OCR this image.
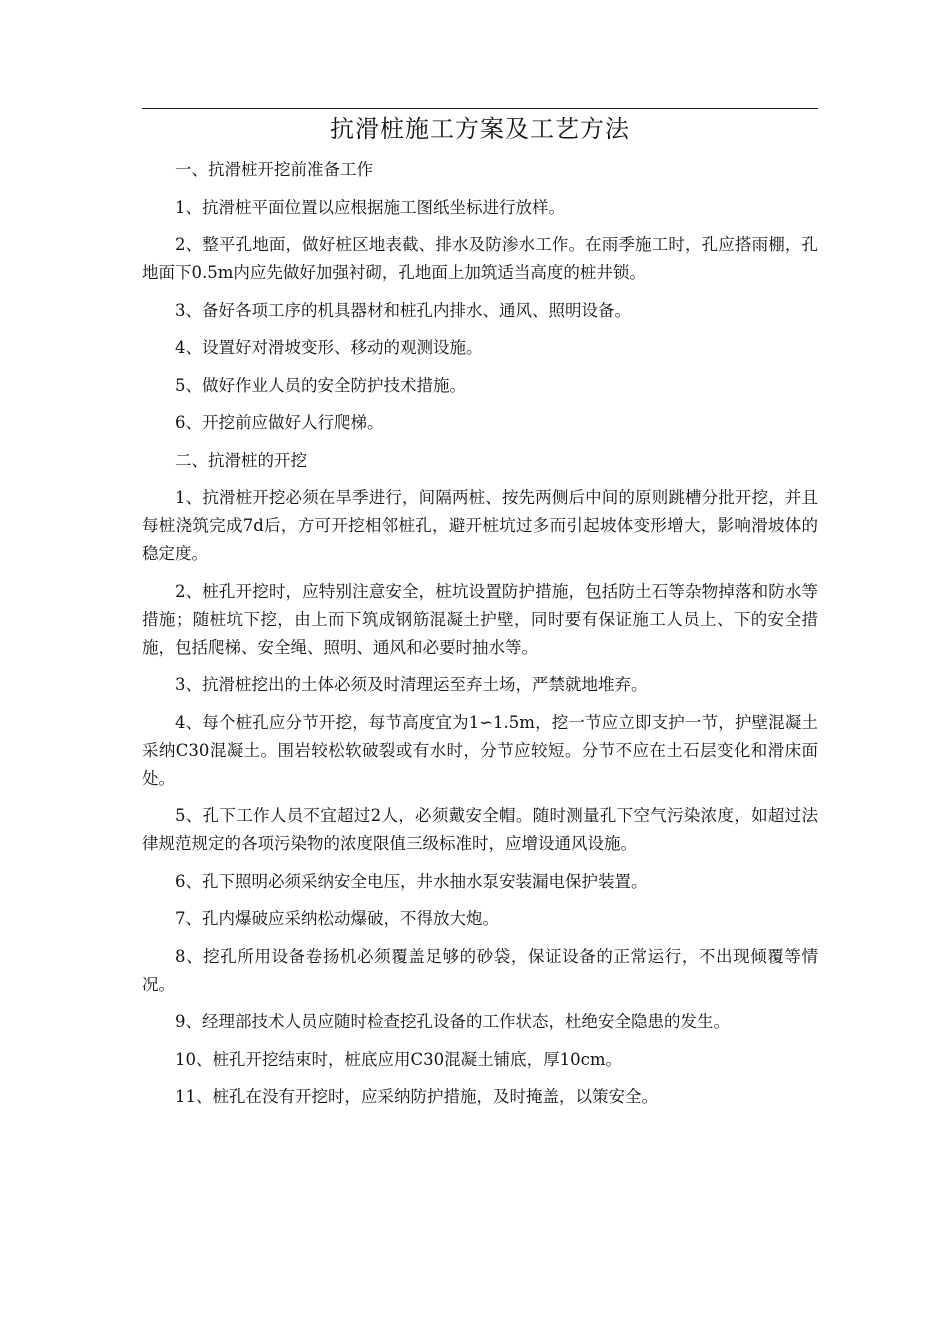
抗滑桩施工方案及工艺方法

一、抗滑桩开挖前准备工作

1、抗滑桩平面位置以应根据施工图纸坐标进行放样。

2、整平孔地面，做好桩区地表截、排水及防渗水工作。在雨季施工时，孔应搭雨棚，孔地面下0.5m内应先做好加强衬砌，孔地面上加筑适当高度的桩井锁。

3、备好各项工序的机具器材和桩孔内排水、通风、照明设备。

4、设置好对滑坡变形、移动的观测设施。

5、做好作业人员的安全防护技术措施。

6、开挖前应做好人行爬梯。

二、抗滑桩的开挖

1、抗滑桩开挖必须在旱季进行，间隔两桩、按先两侧后中间的原则跳槽分批开挖，并且每桩浇筑完成7d后，方可开挖相邻桩孔，避开桩坑过多而引起坡体变形增大，影响滑坡体的稳定度。

2、桩孔开挖时，应特别注意安全，桩坑设置防护措施，包括防土石等杂物掉落和防水等措施；随桩坑下挖，由上而下筑成钢筋混凝土护壁，同时要有保证施工人员上、下的安全措施，包括爬梯、安全绳、照明、通风和必要时抽水等。

3、抗滑桩挖出的土体必须及时清理运至弃土场，严禁就地堆弃。

4、每个桩孔应分节开挖，每节高度宜为1∽1.5m，挖一节应立即支护一节，护壁混凝土采纳C30混凝土。围岩较松软破裂或有水时，分节应较短。分节不应在土石层变化和滑床面处。

5、孔下工作人员不宜超过2人，必须戴安全帽。随时测量孔下空气污染浓度，如超过法律规范规定的各项污染物的浓度限值三级标准时，应增设通风设施。

6、孔下照明必须采纳安全电压，井水抽水泵安装漏电保护装置。

7、孔内爆破应采纳松动爆破，不得放大炮。

8、挖孔所用设备卷扬机必须覆盖足够的砂袋，保证设备的正常运行，不出现倾覆等情况。

9、经理部技术人员应随时检查挖孔设备的工作状态，杜绝安全隐患的发生。

10、桩孔开挖结束时，桩底应用C30混凝土铺底，厚10cm。

11、桩孔在没有开挖时，应采纳防护措施，及时掩盖，以策安全。
